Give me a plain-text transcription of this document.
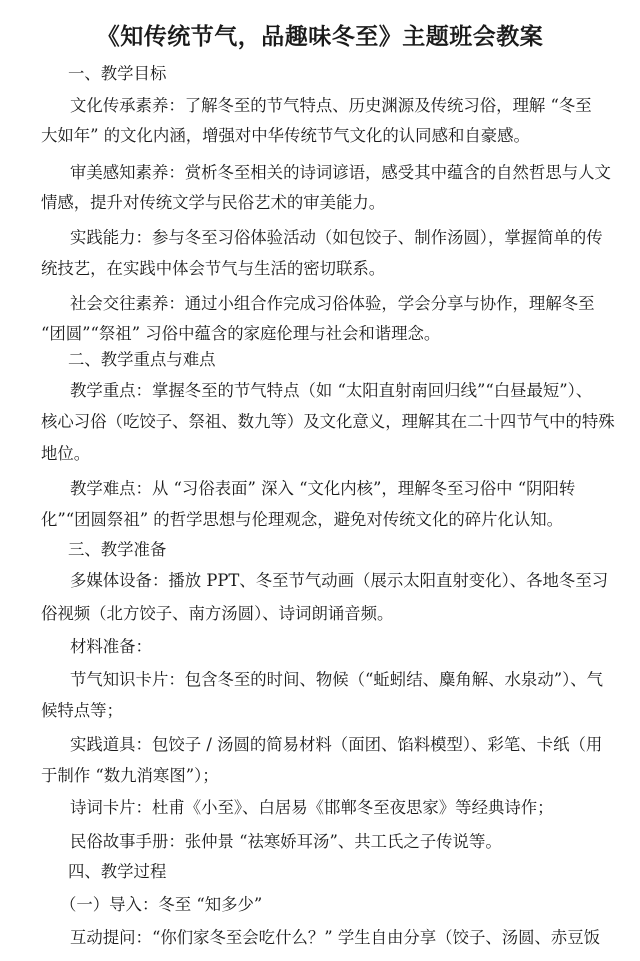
《知传统节气，品趣味冬至》主题班会教案
一、教学目标
文化传承素养：了解冬至的节气特点、历史渊源及传统习俗，理解 “冬至
大如年” 的文化内涵，增强对中华传统节气文化的认同感和自豪感。
审美感知素养：赏析冬至相关的诗词谚语，感受其中蕴含的自然哲思与人文
情感，提升对传统文学与民俗艺术的审美能力。
实践能力：参与冬至习俗体验活动（如包饺子、制作汤圆），掌握简单的传
统技艺，在实践中体会节气与生活的密切联系。
社会交往素养：通过小组合作完成习俗体验，学会分享与协作，理解冬至
“团圆”“祭祖” 习俗中蕴含的家庭伦理与社会和谐理念。
二、教学重点与难点
教学重点：掌握冬至的节气特点（如 “太阳直射南回归线”“白昼最短”）、
核心习俗（吃饺子、祭祖、数九等）及文化意义，理解其在二十四节气中的特殊
地位。
教学难点：从 “习俗表面” 深入 “文化内核”，理解冬至习俗中 “阴阳转
化”“团圆祭祖” 的哲学思想与伦理观念，避免对传统文化的碎片化认知。
三、教学准备
多媒体设备：播放 PPT、冬至节气动画（展示太阳直射变化）、各地冬至习
俗视频（北方饺子、南方汤圆）、诗词朗诵音频。
材料准备：
节气知识卡片：包含冬至的时间、物候（“蚯蚓结、麋角解、水泉动”）、气
候特点等；
实践道具：包饺子 / 汤圆的简易材料（面团、馅料模型）、彩笔、卡纸（用
于制作 “数九消寒图”）；
诗词卡片：杜甫《小至》、白居易《邯郸冬至夜思家》等经典诗作；
民俗故事手册：张仲景 “祛寒娇耳汤”、共工氏之子传说等。
四、教学过程
（一）导入：冬至 “知多少”
互动提问：“你们家冬至会吃什么？” 学生自由分享（饺子、汤圆、赤豆饭
